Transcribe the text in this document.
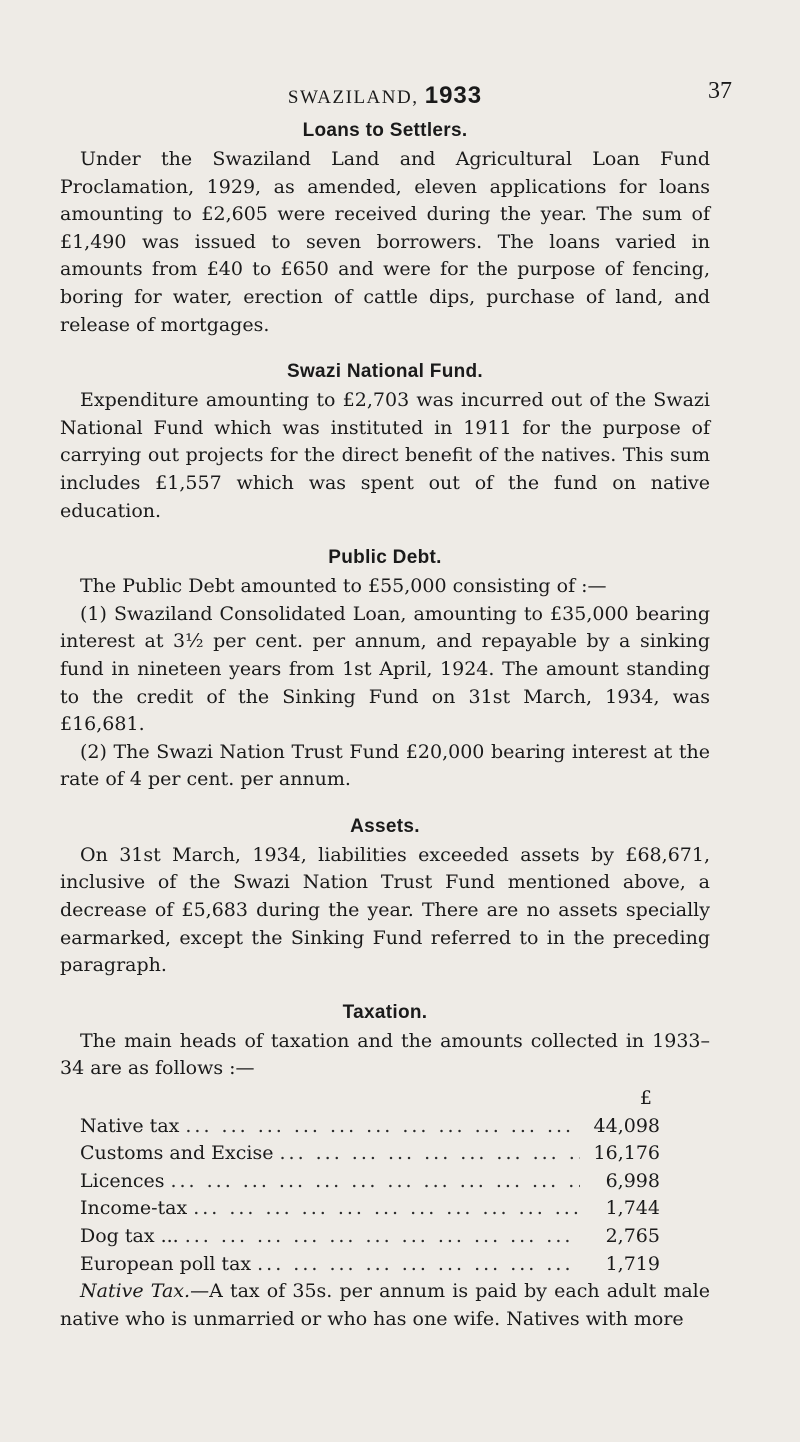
SWAZILAND, 1933	37
Loans to Settlers.

Under the Swaziland Land and Agricultural Loan Fund Proclamation, 1929, as amended, eleven applications for loans amounting to £2,605 were received during the year. The sum of £1,490 was issued to seven borrowers. The loans varied in amounts from £40 to £650 and were for the purpose of fencing, boring for water, erection of cattle dips, purchase of land, and release of mortgages.

Swazi National Fund.

Expenditure amounting to £2,703 was incurred out of the Swazi National Fund which was instituted in 1911 for the purpose of carrying out projects for the direct benefit of the natives. This sum includes £1,557 which was spent out of the fund on native education.

Public Debt.

The Public Debt amounted to £55,000 consisting of :—

(1) Swaziland Consolidated Loan, amounting to £35,000 bearing interest at 3½ per cent. per annum, and repayable by a sinking fund in nineteen years from 1st April, 1924. The amount standing to the credit of the Sinking Fund on 31st March, 1934, was £16,681.

(2) The Swazi Nation Trust Fund £20,000 bearing interest at the rate of 4 per cent. per annum.

Assets.

On 31st March, 1934, liabilities exceeded assets by £68,671, inclusive of the Swazi Nation Trust Fund mentioned above, a decrease of £5,683 during the year. There are no assets specially earmarked, except the Sinking Fund referred to in the preceding paragraph.

Taxation.

The main heads of taxation and the amounts collected in 1933–34 are as follows :—

£
Native tax ...	44,098
Customs and Excise ...	16,176
Licences ...	6,998
Income-tax ...	1,744
Dog tax ... ...	2,765
European poll tax ...	1,719

Native Tax.—A tax of 35s. per annum is paid by each adult male native who is unmarried or who has one wife. Natives with more
